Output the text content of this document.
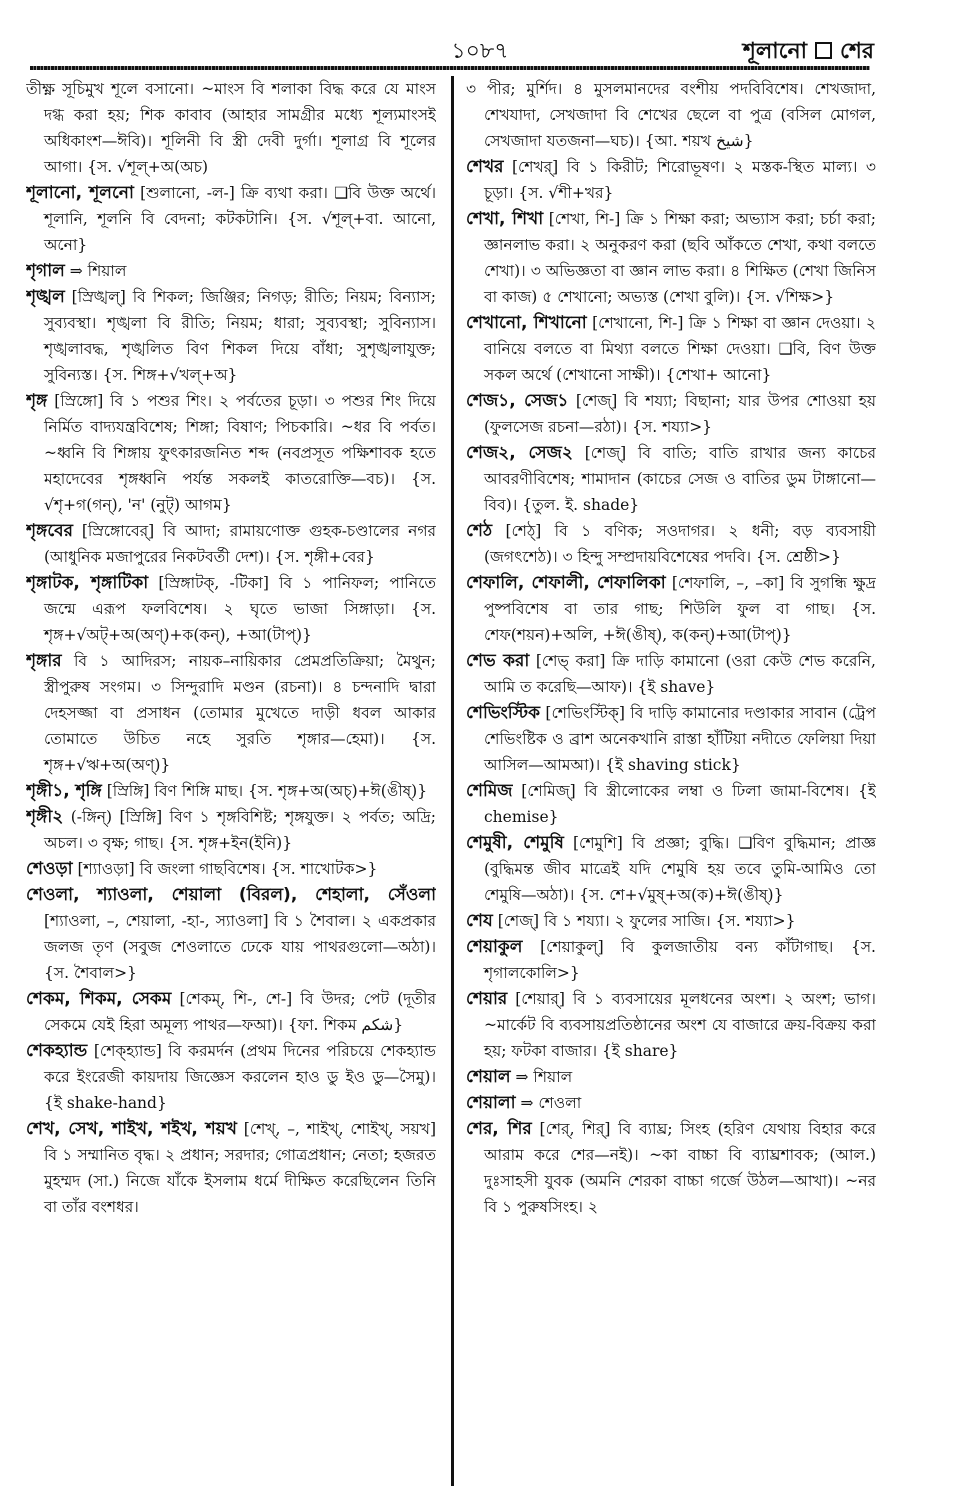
১০৮৭	শূলানো শের

তীক্ষ্ণ সূচিমুখ শূলে বসানো। ~মাংস বি শলাকা বিদ্ধ করে যে মাংস দগ্ধ করা হয়; শিক কাবাব (আহার সামগ্রীর মধ্যে শূল্যমাংসই অধিকাংশ—ঈবি)। শূলিনী বি স্ত্রী দেবী দুর্গা। শূলাগ্র বি শূলের আগা। {স. √শূল্+অ(অচ)

শূলানো, শূলনো [শুলানো, -ল-] ক্রি ব্যথা করা। ❑বি উক্ত অর্থে। শূলানি, শূলনি বি বেদনা; কটকটানি। {স. √শূল্+বা. আনো, অনো}

শৃগাল ⇒ শিয়াল

শৃঙ্খল [স্রিঙ্খল্] বি শিকল; জিঞ্জির; নিগড়; রীতি; নিয়ম; বিন্যাস; সুব্যবস্থা। শৃঙ্খলা বি রীতি; নিয়ম; ধারা; সুব্যবস্থা; সুবিন্যাস। শৃঙ্খলাবদ্ধ, শৃঙ্খলিত বিণ শিকল দিয়ে বাঁধা; সুশৃঙ্খলাযুক্ত; সুবিন্যস্ত। {স. শিঙ্গ+√খল্+অ}

শৃঙ্গ [স্রিঙ্গো] বি ১ পশুর শিং। ২ পর্বতের চূড়া। ৩ পশুর শিং দিয়ে নির্মিত বাদ্যযন্ত্রবিশেষ; শিঙ্গা; বিষাণ; পিচকারি। ~ধর বি পর্বত। ~ধ্বনি বি শিঙ্গায় ফুৎকারজনিত শব্দ (নবপ্রসূত পক্ষিশাবক হতে মহাদেবের শৃঙ্গধ্বনি পর্যন্ত সকলই কাতরোক্তি—বচ)। {স. √শৃ+গ(গন্), 'ন' (নুট্) আগম}

শৃঙ্গবের [স্রিঙ্গোবের্] বি আদা; রামায়ণোক্ত গুহক-চণ্ডালের নগর (আধুনিক মজাপুরের নিকটবর্তী দেশ)। {স. শৃঙ্গী+বের}

শৃঙ্গাটক, শৃঙ্গাটিকা [স্রিঙ্গাটক্, -টিকা] বি ১ পানিফল; পানিতে জন্মে এরূপ ফলবিশেষ। ২ ঘৃতে ভাজা সিঙ্গাড়া। {স. শৃঙ্গ+√অট্+অ(অণ্)+ক(কন্), +আ(টাপ্)}

শৃঙ্গার বি ১ আদিরস; নায়ক–নায়িকার প্রেমপ্রতিক্রিয়া; মৈথুন; স্ত্রীপুরুষ সংগম। ৩ সিন্দুরাদি মণ্ডন (রচনা)। ৪ চন্দনাদি দ্বারা দেহসজ্জা বা প্রসাধন (তোমার মুখেতে দাড়ী ধবল আকার তোমাতে উচিত নহে সুরতি শৃঙ্গার—হেমা)। {স. শৃঙ্গ+√ঋ+অ(অণ্)}

শৃঙ্গী১, শৃঙ্গি [স্রিঙ্গি] বিণ শিঙ্গি মাছ। {স. শৃঙ্গ+অ(অচ্)+ঈ(ঙীষ্)}

শৃঙ্গী২ (-ঙ্গিন্) [স্রিঙ্গি] বিণ ১ শৃঙ্গবিশিষ্ট; শৃঙ্গযুক্ত। ২ পর্বত; অদ্রি; অচল। ৩ বৃক্ষ; গাছ। {স. শৃঙ্গ+ইন(ইনি)}

শেওড়া [শ্যাওড়া] বি জংলা গাছবিশেষ। {স. শাখোটক>}

শেওলা, শ্যাওলা, শেয়ালা (বিরল), শেহালা, সেঁওলা [শ্যাওলা, –, শেয়ালা, -হা-, স্যাওলা] বি ১ শৈবাল। ২ একপ্রকার জলজ তৃণ (সবুজ শেওলাতে ঢেকে যায় পাথরগুলো—অঠা)। {স. শৈবাল>}

শেকম, শিকম, সেকম [শেকম্, শি-, শে-] বি উদর; পেট (দূতীর সেকমে যেই হিরা অমূল্য পাথর—ফআ)। {ফা. শিকম شکم}

শেকহ্যান্ড [শেক্হ্যান্ড] বি করমর্দন (প্রথম দিনের পরিচয়ে শেকহ্যান্ড করে ইংরেজী কায়দায় জিজ্ঞেস করলেন হাও ডু ইও ডু—সৈমু)। {ই shake-hand}

শেখ, সেখ, শাইখ, শইখ, শয়খ [শেখ্, –, শাইখ্, শোইখ্, সয়খ] বি ১ সম্মানিত বৃদ্ধ। ২ প্রধান; সরদার; গোত্রপ্রধান; নেতা; হজরত মুহম্মদ (সা.) নিজে যাঁকে ইসলাম ধর্মে দীক্ষিত করেছিলেন তিনি বা তাঁর বংশধর।

৩ পীর; মুর্শিদ। ৪ মুসলমানদের বংশীয় পদবিবিশেষ। শেখজাদা, শেখযাদা, সেখজাদা বি শেখের ছেলে বা পুত্র (বসিল মোগল, সেখজাদা যতজনা—ঘচ)। {আ. শয়খ شيخ}

শেখর [শেখর্] বি ১ কিরীট; শিরোভূষণ। ২ মস্তক-স্থিত মাল্য। ৩ চূড়া। {স. √শী+খর}

শেখা, শিখা [শেখা, শি-] ক্রি ১ শিক্ষা করা; অভ্যাস করা; চর্চা করা; জ্ঞানলাভ করা। ২ অনুকরণ করা (ছবি আঁকতে শেখা, কথা বলতে শেখা)। ৩ অভিজ্ঞতা বা জ্ঞান লাভ করা। ৪ শিক্ষিত (শেখা জিনিস বা কাজ) ৫ শেখানো; অভ্যস্ত (শেখা বুলি)। {স. √শিক্ষ>}

শেখানো, শিখানো [শেখানো, শি-] ক্রি ১ শিক্ষা বা জ্ঞান দেওয়া। ২ বানিয়ে বলতে বা মিথ্যা বলতে শিক্ষা দেওয়া। ❑বি, বিণ উক্ত সকল অর্থে (শেখানো সাক্ষী)। {শেখা+ আনো}

শেজ১, সেজ১ [শেজ্] বি শয্যা; বিছানা; যার উপর শোওয়া হয় (ফুলসেজ রচনা—রঠা)। {স. শয্যা>}

শেজ২, সেজ২ [শেজ্] বি বাতি; বাতি রাখার জন্য কাচের আবরণীবিশেষ; শামাদান (কাচের সেজ ও বাতির ডুম টাঙ্গানো—বিব)। {তুল. ই. shade}

শেঠ [শেঠ্] বি ১ বণিক; সওদাগর। ২ ধনী; বড় ব্যবসায়ী (জগৎশেঠ)। ৩ হিন্দু সম্প্রদায়বিশেষের পদবি। {স. শ্রেষ্ঠী>}

শেফালি, শেফালী, শেফালিকা [শেফালি, –, –কা] বি সুগন্ধি ক্ষুদ্র পুষ্পবিশেষ বা তার গাছ; শিউলি ফুল বা গাছ। {স. শেফ(শয়ন)+অলি, +ঈ(ঙীষ্), ক(কন্)+আ(টাপ্)}

শেভ করা [শেভ্ করা] ক্রি দাড়ি কামানো (ওরা কেউ শেভ করেনি, আমি ত করেছি—আফ)। {ই shave}

শেভিংস্টিক [শেভিংস্টিক্] বি দাড়ি কামানোর দণ্ডাকার সাবান (ট্রেপ শেভিংষ্টিক ও ব্রাশ অনেকখানি রাস্তা হাঁটিয়া নদীতে ফেলিয়া দিয়া আসিল—আমআ)। {ই shaving stick}

শেমিজ [শেমিজ্] বি স্ত্রীলোকের লম্বা ও ঢিলা জামা-বিশেষ। {ই chemise}

শেমুষী, শেমুষি [শেমুশি] বি প্রজ্ঞা; বুদ্ধি। ❑বিণ বুদ্ধিমান; প্রাজ্ঞ (বুদ্ধিমন্ত জীব মাত্রেই যদি শেমুষি হয় তবে তুমি-আমিও তো শেমুষি—অঠা)। {স. শে+√মুষ্+অ(ক)+ঈ(ঙীষ্)}

শেয [শেজ্] বি ১ শয্যা। ২ ফুলের সাজি। {স. শয্যা>}

শেয়াকুল [শেয়াকুল্] বি কুলজাতীয় বন্য কাঁটাগাছ। {স. শৃগালকোলি>}

শেয়ার [শেয়ার্] বি ১ ব্যবসায়ের মূলধনের অংশ। ২ অংশ; ভাগ। ~মার্কেট বি ব্যবসায়প্রতিষ্ঠানের অংশ যে বাজারে ক্রয়-বিক্রয় করা হয়; ফটকা বাজার। {ই share}

শেয়াল ⇒ শিয়াল

শেয়ালা ⇒ শেওলা

শের, শির [শের্, শির্] বি ব্যাঘ্র; সিংহ (হরিণ যেথায় বিহার করে আরাম করে শের—নই)। ~কা বাচ্চা বি ব্যাঘ্রশাবক; (আল.) দুঃসাহসী যুবক (অমনি শেরকা বাচ্চা গর্জে উঠল—আখা)। ~নর বি ১ পুরুষসিংহ। ২
